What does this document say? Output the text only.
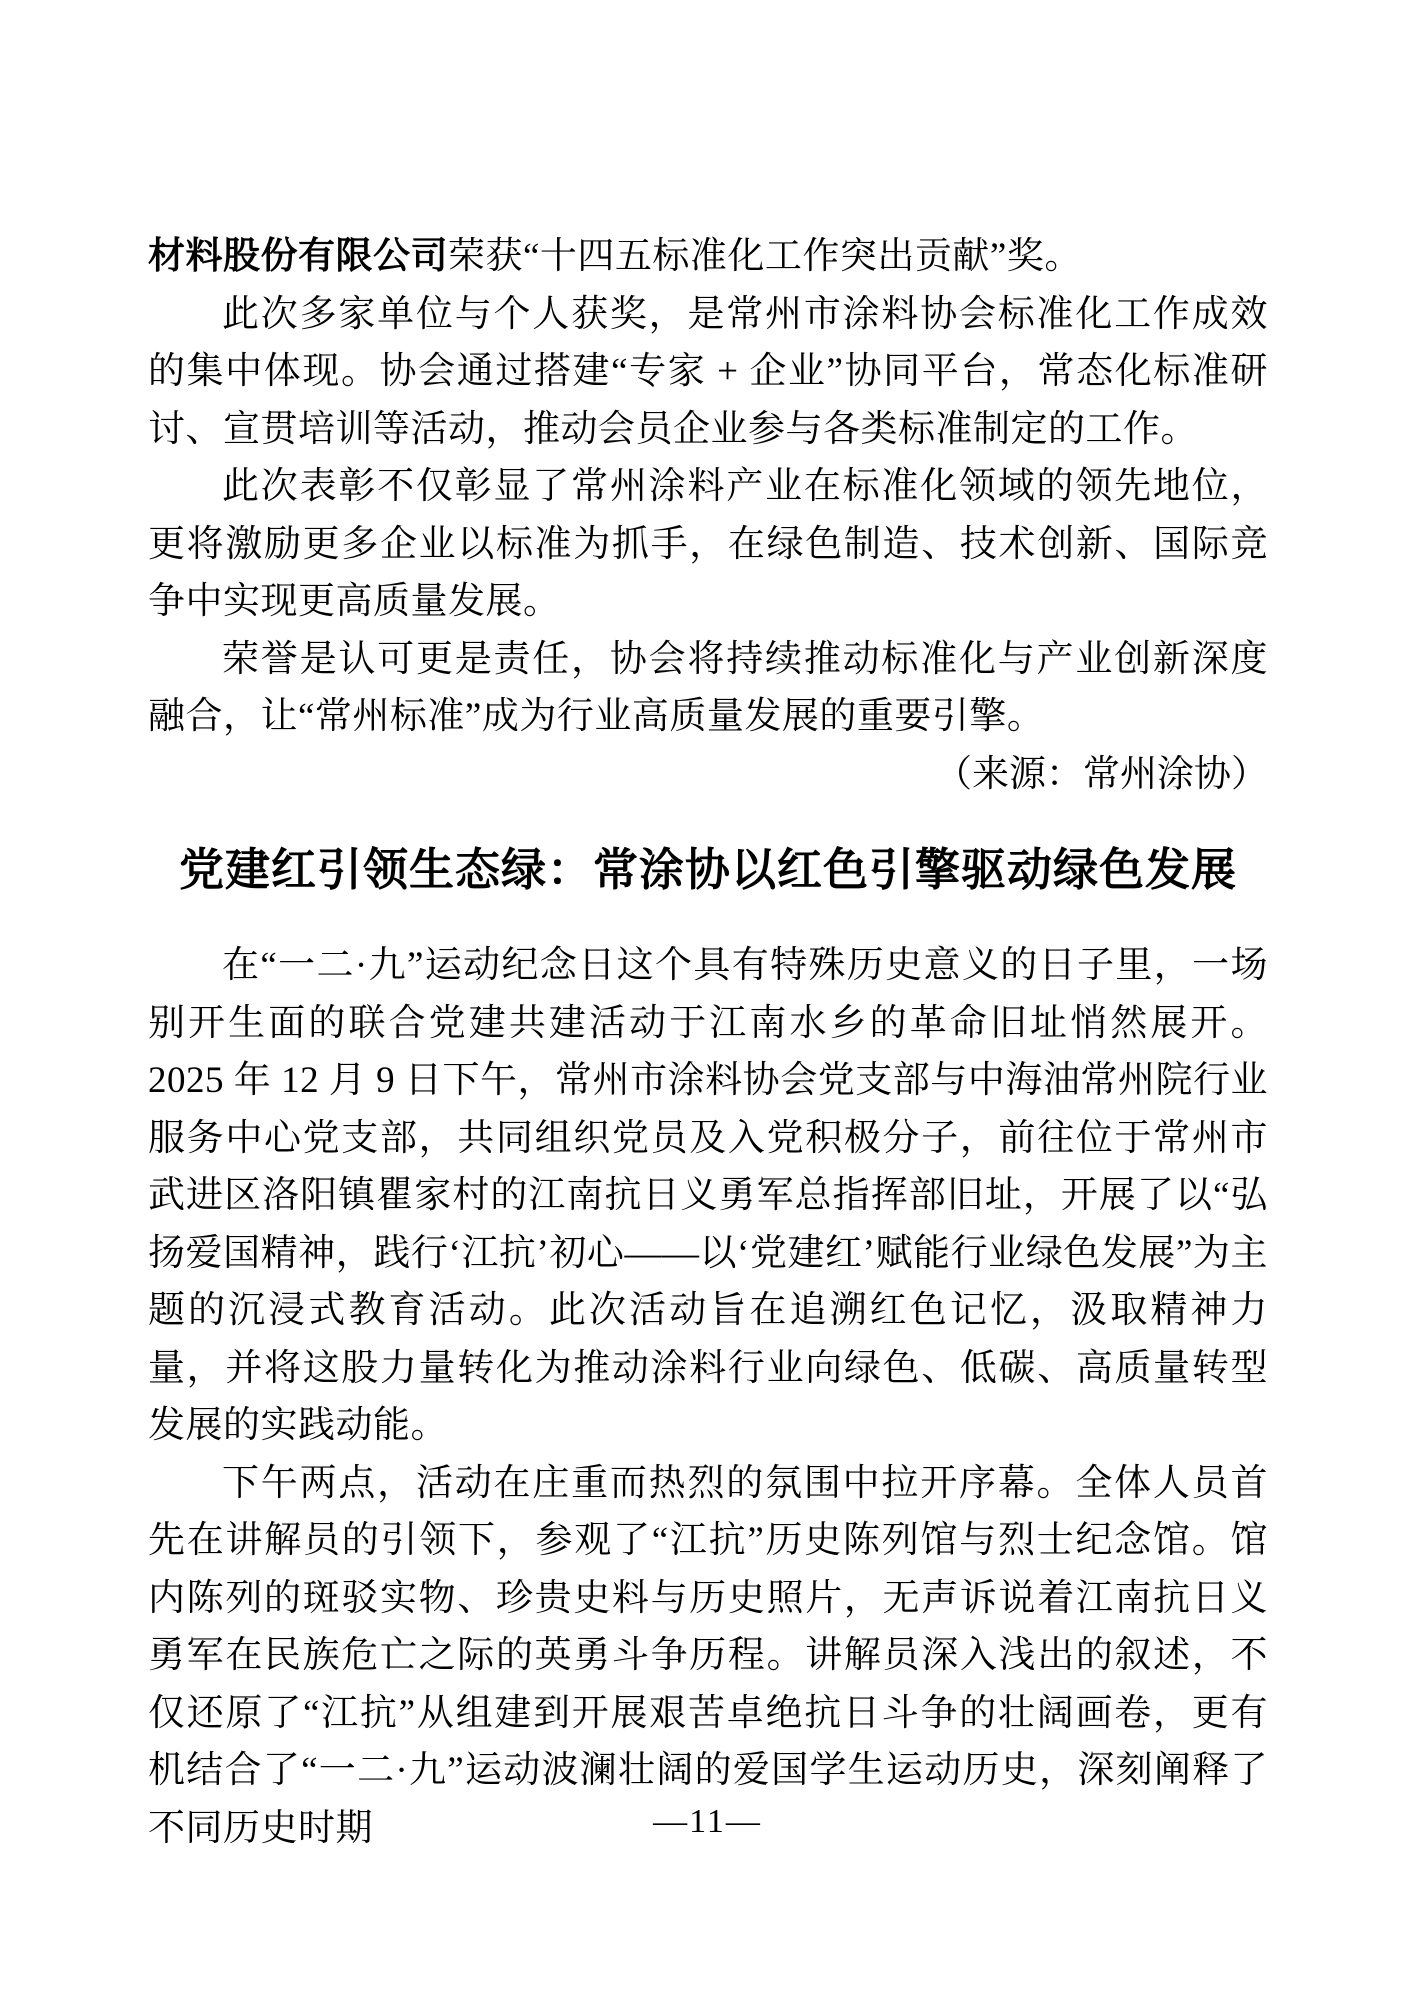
材料股份有限公司荣获“十四五标准化工作突出贡献”奖。

此次多家单位与个人获奖，是常州市涂料协会标准化工作成效的集中体现。协会通过搭建“专家 + 企业”协同平台，常态化标准研讨、宣贯培训等活动，推动会员企业参与各类标准制定的工作。

此次表彰不仅彰显了常州涂料产业在标准化领域的领先地位，更将激励更多企业以标准为抓手，在绿色制造、技术创新、国际竞争中实现更高质量发展。

荣誉是认可更是责任，协会将持续推动标准化与产业创新深度融合，让“常州标准”成为行业高质量发展的重要引擎。

（来源：常州涂协）

党建红引领生态绿：常涂协以红色引擎驱动绿色发展

在“一二·九”运动纪念日这个具有特殊历史意义的日子里，一场别开生面的联合党建共建活动于江南水乡的革命旧址悄然展开。2025 年 12 月 9 日下午，常州市涂料协会党支部与中海油常州院行业服务中心党支部，共同组织党员及入党积极分子，前往位于常州市武进区洛阳镇瞿家村的江南抗日义勇军总指挥部旧址，开展了以“弘扬爱国精神，践行‘江抗’初心——以‘党建红’赋能行业绿色发展”为主题的沉浸式教育活动。此次活动旨在追溯红色记忆，汲取精神力量，并将这股力量转化为推动涂料行业向绿色、低碳、高质量转型发展的实践动能。

下午两点，活动在庄重而热烈的氛围中拉开序幕。全体人员首先在讲解员的引领下，参观了“江抗”历史陈列馆与烈士纪念馆。馆内陈列的斑驳实物、珍贵史料与历史照片，无声诉说着江南抗日义勇军在民族危亡之际的英勇斗争历程。讲解员深入浅出的叙述，不仅还原了“江抗”从组建到开展艰苦卓绝抗日斗争的壮阔画卷，更有机结合了“一二·九”运动波澜壮阔的爱国学生运动历史，深刻阐释了不同历史时期	—11—
